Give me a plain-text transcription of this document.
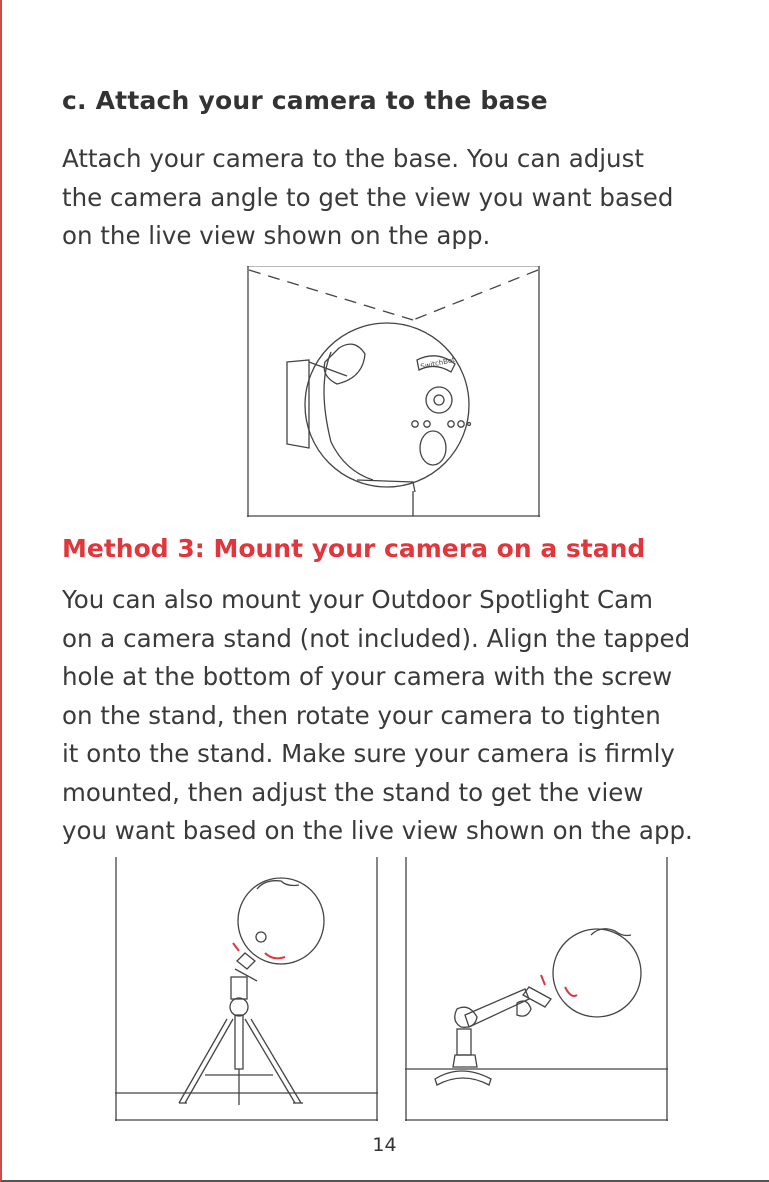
c. Attach your camera to the base

Attach your camera to the base. You can adjust
the camera angle to get the view you want based
on the live view shown on the app.

SwitchBot
Method 3: Mount your camera on a stand

You can also mount your Outdoor Spotlight Cam
on a camera stand (not included). Align the tapped
hole at the bottom of your camera with the screw
on the stand, then rotate your camera to tighten
it onto the stand. Make sure your camera is firmly
mounted, then adjust the stand to get the view
you want based on the live view shown on the app.

14
